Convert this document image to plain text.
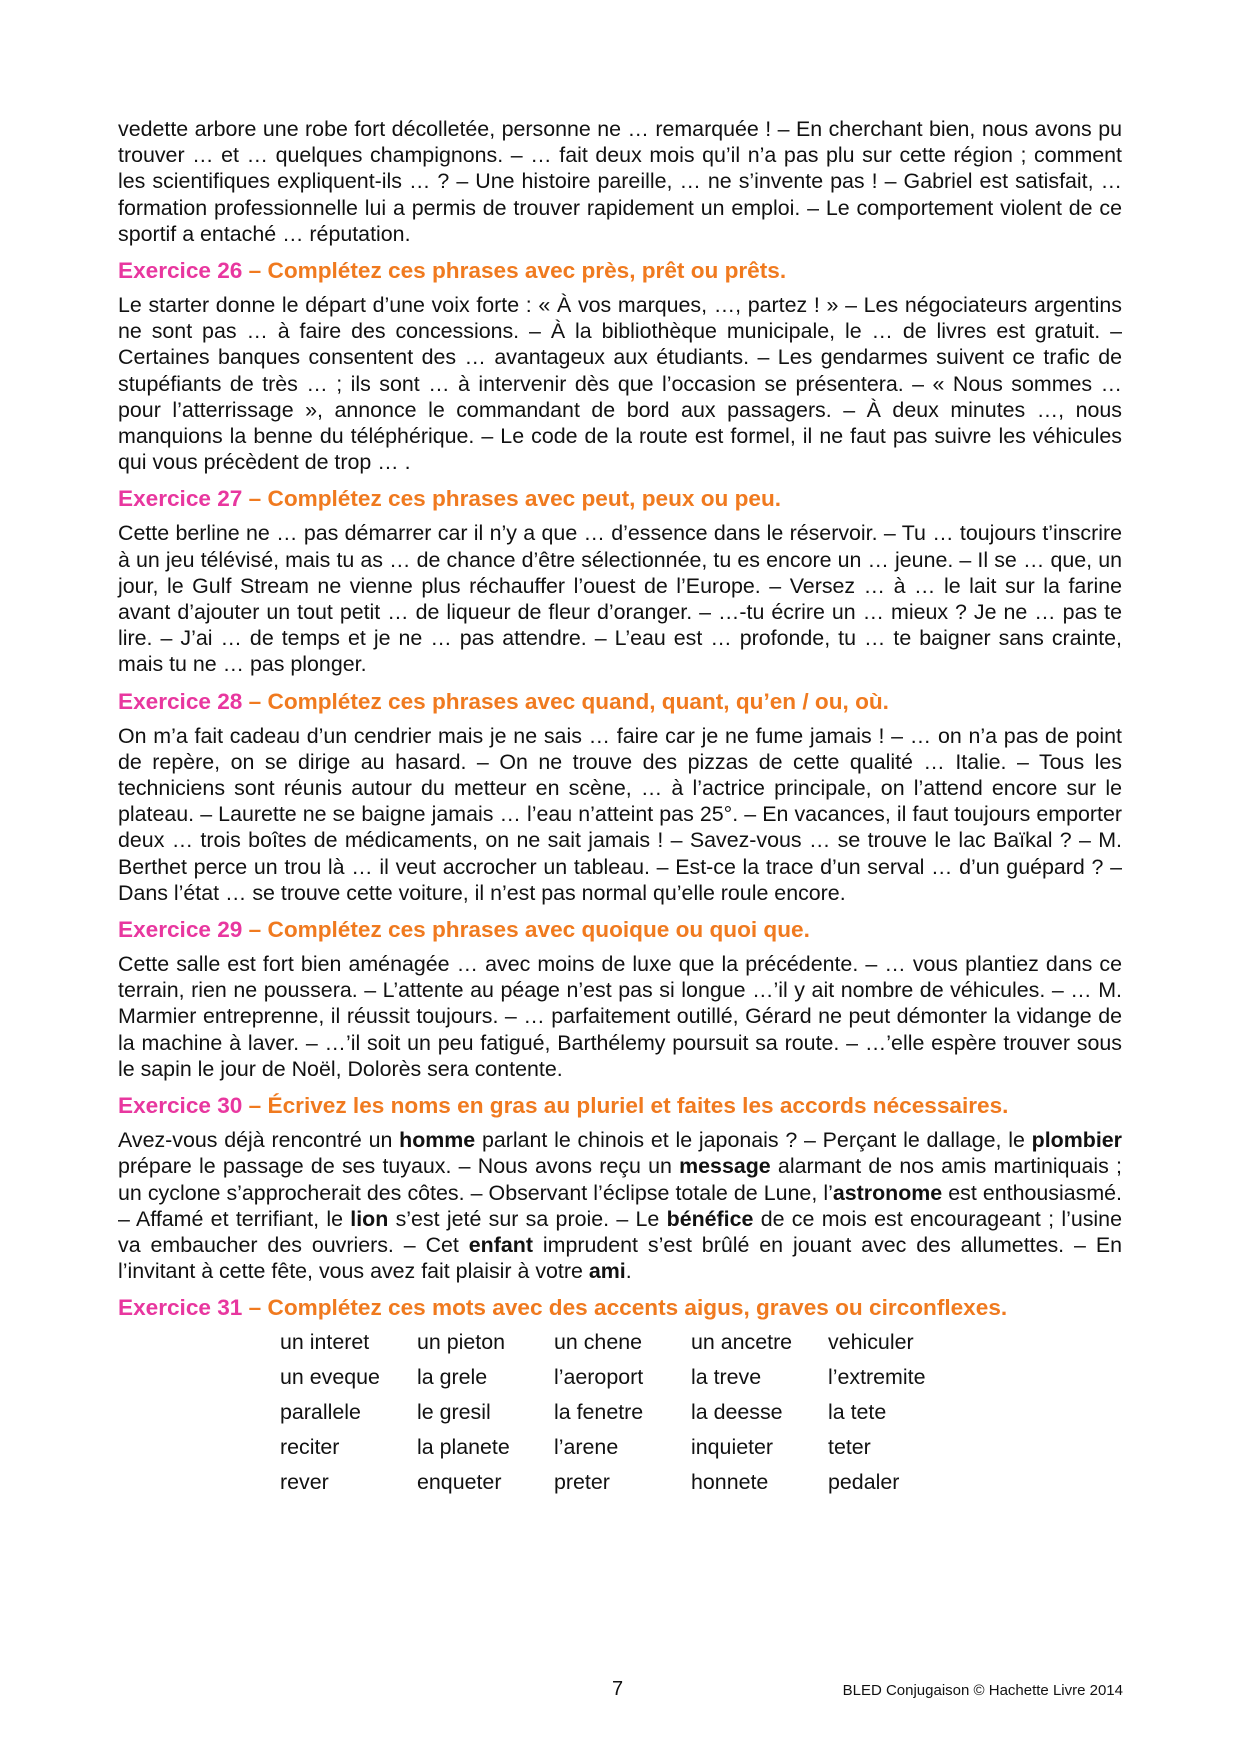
vedette arbore une robe fort décolletée, personne ne … remarquée ! – En cherchant bien, nous avons pu trouver … et … quelques champignons. – … fait deux mois qu’il n’a pas plu sur cette région ; comment les scientifiques expliquent-ils … ? – Une histoire pareille, … ne s’invente pas ! – Gabriel est satisfait, … formation professionnelle lui a permis de trouver rapidement un emploi. – Le comportement violent de ce sportif a entaché … réputation.

Exercice 26 – Complétez ces phrases avec près, prêt ou prêts.

Le starter donne le départ d’une voix forte : « À vos marques, …, partez ! » – Les négociateurs argentins ne sont pas … à faire des concessions. – À la bibliothèque municipale, le … de livres est gratuit. – Certaines banques consentent des … avantageux aux étudiants. – Les gendarmes suivent ce trafic de stupéfiants de très … ; ils sont … à intervenir dès que l’occasion se présentera. – « Nous sommes … pour l’atterrissage », annonce le commandant de bord aux passagers. – À deux minutes …, nous manquions la benne du téléphérique. – Le code de la route est formel, il ne faut pas suivre les véhicules qui vous précèdent de trop … .

Exercice 27 – Complétez ces phrases avec peut, peux ou peu.

Cette berline ne … pas démarrer car il n’y a que … d’essence dans le réservoir. – Tu … toujours t’inscrire à un jeu télévisé, mais tu as … de chance d’être sélectionnée, tu es encore un … jeune. – Il se … que, un jour, le Gulf Stream ne vienne plus réchauffer l’ouest de l’Europe. – Versez … à … le lait sur la farine avant d’ajouter un tout petit … de liqueur de fleur d’oranger. – …-tu écrire un … mieux ? Je ne … pas te lire. – J’ai … de temps et je ne … pas attendre. – L’eau est … profonde, tu … te baigner sans crainte, mais tu ne … pas plonger.

Exercice 28 – Complétez ces phrases avec quand, quant, qu’en / ou, où.

On m’a fait cadeau d’un cendrier mais je ne sais … faire car je ne fume jamais ! – … on n’a pas de point de repère, on se dirige au hasard. – On ne trouve des pizzas de cette qualité … Italie. – Tous les techniciens sont réunis autour du metteur en scène, … à l’actrice principale, on l’attend encore sur le plateau. – Laurette ne se baigne jamais … l’eau n’atteint pas 25°. – En vacances, il faut toujours emporter deux … trois boîtes de médicaments, on ne sait jamais ! – Savez-vous … se trouve le lac Baïkal ? – M. Berthet perce un trou là … il veut accrocher un tableau. – Est-ce la trace d’un serval … d’un guépard ? – Dans l’état … se trouve cette voiture, il n’est pas normal qu’elle roule encore.

Exercice 29 – Complétez ces phrases avec quoique ou quoi que.

Cette salle est fort bien aménagée … avec moins de luxe que la précédente. – … vous plantiez dans ce terrain, rien ne poussera. – L’attente au péage n’est pas si longue …’il y ait nombre de véhicules. – … M. Marmier entreprenne, il réussit toujours. – … parfaitement outillé, Gérard ne peut démonter la vidange de la machine à laver. – …’il soit un peu fatigué, Barthélemy poursuit sa route. – …’elle espère trouver sous le sapin le jour de Noël, Dolorès sera contente.

Exercice 30 – Écrivez les noms en gras au pluriel et faites les accords nécessaires.

Avez-vous déjà rencontré un homme parlant le chinois et le japonais ? – Perçant le dallage, le plombier prépare le passage de ses tuyaux. – Nous avons reçu un message alarmant de nos amis martiniquais ; un cyclone s’approcherait des côtes. – Observant l’éclipse totale de Lune, l’astronome est enthousiasmé. – Affamé et terrifiant, le lion s’est jeté sur sa proie. – Le bénéfice de ce mois est encourageant ; l’usine va embaucher des ouvriers. – Cet enfant imprudent s’est brûlé en jouant avec des allumettes. – En l’invitant à cette fête, vous avez fait plaisir à votre ami.

Exercice 31 – Complétez ces mots avec des accents aigus, graves ou circonflexes.

un interet	un pieton	un chene	un ancetre	vehiculer
un eveque	la grele	l’aeroport	la treve	l’extremite
parallele	le gresil	la fenetre	la deesse	la tete
reciter	la planete	l’arene	inquieter	teter
rever	enqueter	preter	honnete	pedaler
7	BLED Conjugaison © Hachette Livre 2014
